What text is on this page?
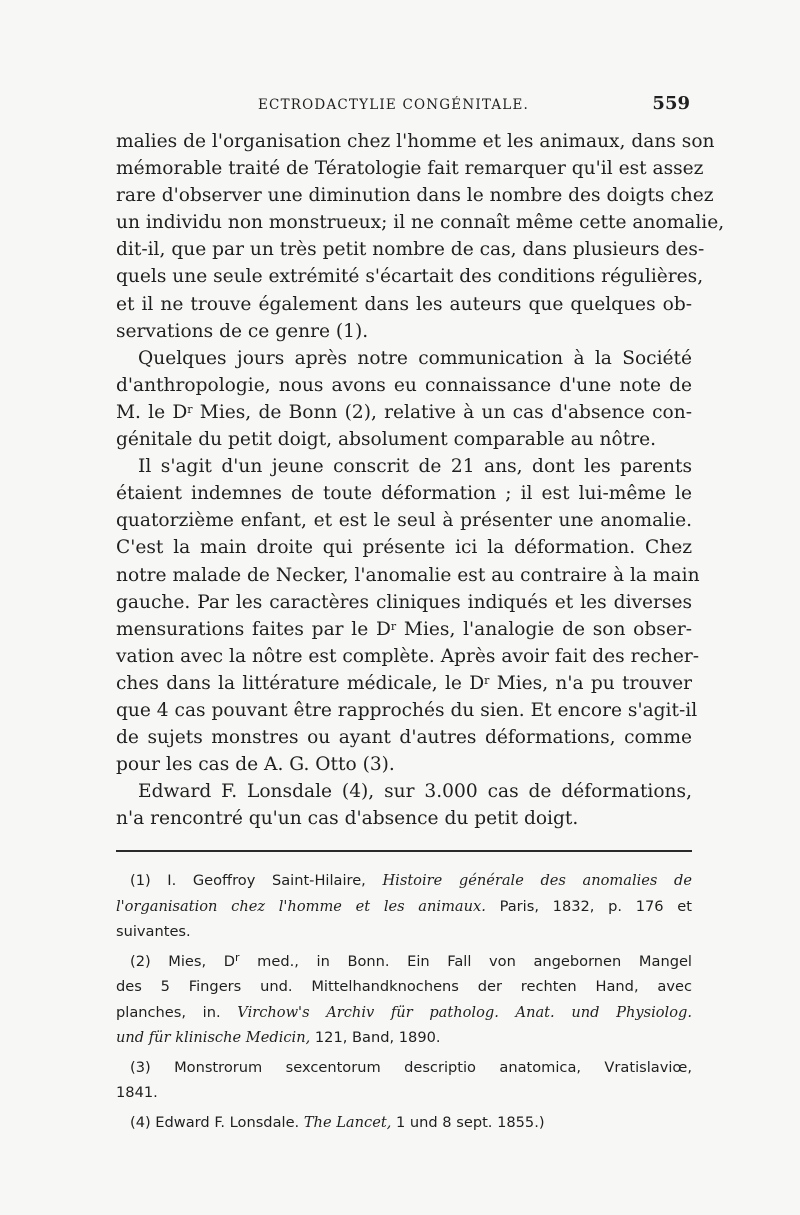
ECTRODACTYLIE CONGÉNITALE.	559
malies de l'organisation chez l'homme et les animaux, dans son
mémorable traité de Tératologie fait remarquer qu'il est assez
rare d'observer une diminution dans le nombre des doigts chez
un individu non monstrueux; il ne connaît même cette anomalie,
dit-il, que par un très petit nombre de cas, dans plusieurs des-
quels une seule extrémité s'écartait des conditions régulières,
et il ne trouve également dans les auteurs que quelques ob-
servations de ce genre (1).
Quelques jours après notre communication à la Société
d'anthropologie, nous avons eu connaissance d'une note de
M. le $D^r$ Mies, de Bonn (2), relative à un cas d'absence con-
génitale du petit doigt, absolument comparable au nôtre.
Il s'agit d'un jeune conscrit de 21 ans, dont les parents
étaient indemnes de toute déformation ; il est lui-même le
quatorzième enfant, et est le seul à présenter une anomalie.
C'est la main droite qui présente ici la déformation. Chez
notre malade de Necker, l'anomalie est au contraire à la main
gauche. Par les caractères cliniques indiqués et les diverses
mensurations faites par le $D^r$ Mies, l'analogie de son obser-
vation avec la nôtre est complète. Après avoir fait des recher-
ches dans la littérature médicale, le $D^r$ Mies, n'a pu trouver
que 4 cas pouvant être rapprochés du sien. Et encore s'agit-il
de sujets monstres ou ayant d'autres déformations, comme
pour les cas de A. G. Otto (3).
Edward F. Lonsdale (4), sur 3.000 cas de déformations,
n'a rencontré qu'un cas d'absence du petit doigt.
(1) I. Geoffroy Saint-Hilaire, Histoire générale des anomalies de
l'organisation chez l'homme et les animaux. Paris, 1832, p. 176 et
suivantes.
(2) Mies, $D^r$ med., in Bonn. Ein Fall von angebornen Mangel
des 5 Fingers und. Mittelhandknochens der rechten Hand, avec
planches, in. Virchow's Archiv für patholog. Anat. und Physiolog.
und für klinische Medicin, 121, Band, 1890.
(3) Monstrorum sexcentorum descriptio anatomica, Vratislaviœ,
1841.
(4) Edward F. Lonsdale. The Lancet, 1 und 8 sept. 1855.)
